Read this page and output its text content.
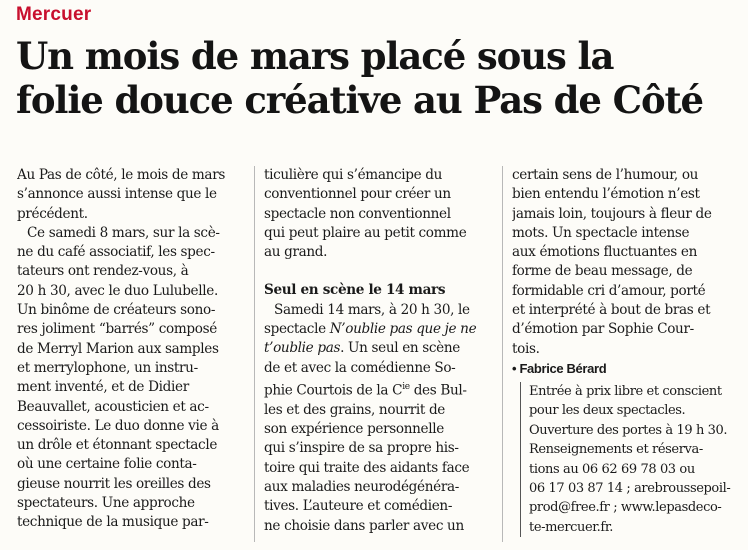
Mercuer
Un mois de mars placé sous la
folie douce créative au Pas de Côté
Au Pas de côté, le mois de mars
s’annonce aussi intense que le
précédent.
Ce samedi 8 mars, sur la scè-
ne du café associatif, les spec-
tateurs ont rendez-vous, à
20 h 30, avec le duo Lulubelle.
Un binôme de créateurs sono-
res joliment “barrés” composé
de Merryl Marion aux samples
et merrylophone, un instru-
ment inventé, et de Didier
Beauvallet, acousticien et ac-
cessoiriste. Le duo donne vie à
un drôle et étonnant spectacle
où une certaine folie conta-
gieuse nourrit les oreilles des
spectateurs. Une approche
technique de la musique par-
ticulière qui s’émancipe du
conventionnel pour créer un
spectacle non conventionnel
qui peut plaire au petit comme
au grand.
Seul en scène le 14 mars
Samedi 14 mars, à 20 h 30, le
spectacle N’oublie pas que je ne
t’oublie pas. Un seul en scène
de et avec la comédienne So-
phie Courtois de la $C^{ie}$ des Bul-
les et des grains, nourrit de
son expérience personnelle
qui s’inspire de sa propre his-
toire qui traite des aidants face
aux maladies neurodégénéra-
tives. L’auteure et comédien-
ne choisie dans parler avec un
certain sens de l’humour, ou
bien entendu l’émotion n’est
jamais loin, toujours à fleur de
mots. Un spectacle intense
aux émotions fluctuantes en
forme de beau message, de
formidable cri d’amour, porté
et interprété à bout de bras et
d’émotion par Sophie Cour-
tois.
• Fabrice Bérard
Entrée à prix libre et conscient
pour les deux spectacles.
Ouverture des portes à 19 h 30.
Renseignements et réserva-
tions au 06 62 69 78 03 ou
06 17 03 87 14 ; arebroussepoil-
prod@free.fr ; www.lepasdeco-
te-mercuer.fr.
